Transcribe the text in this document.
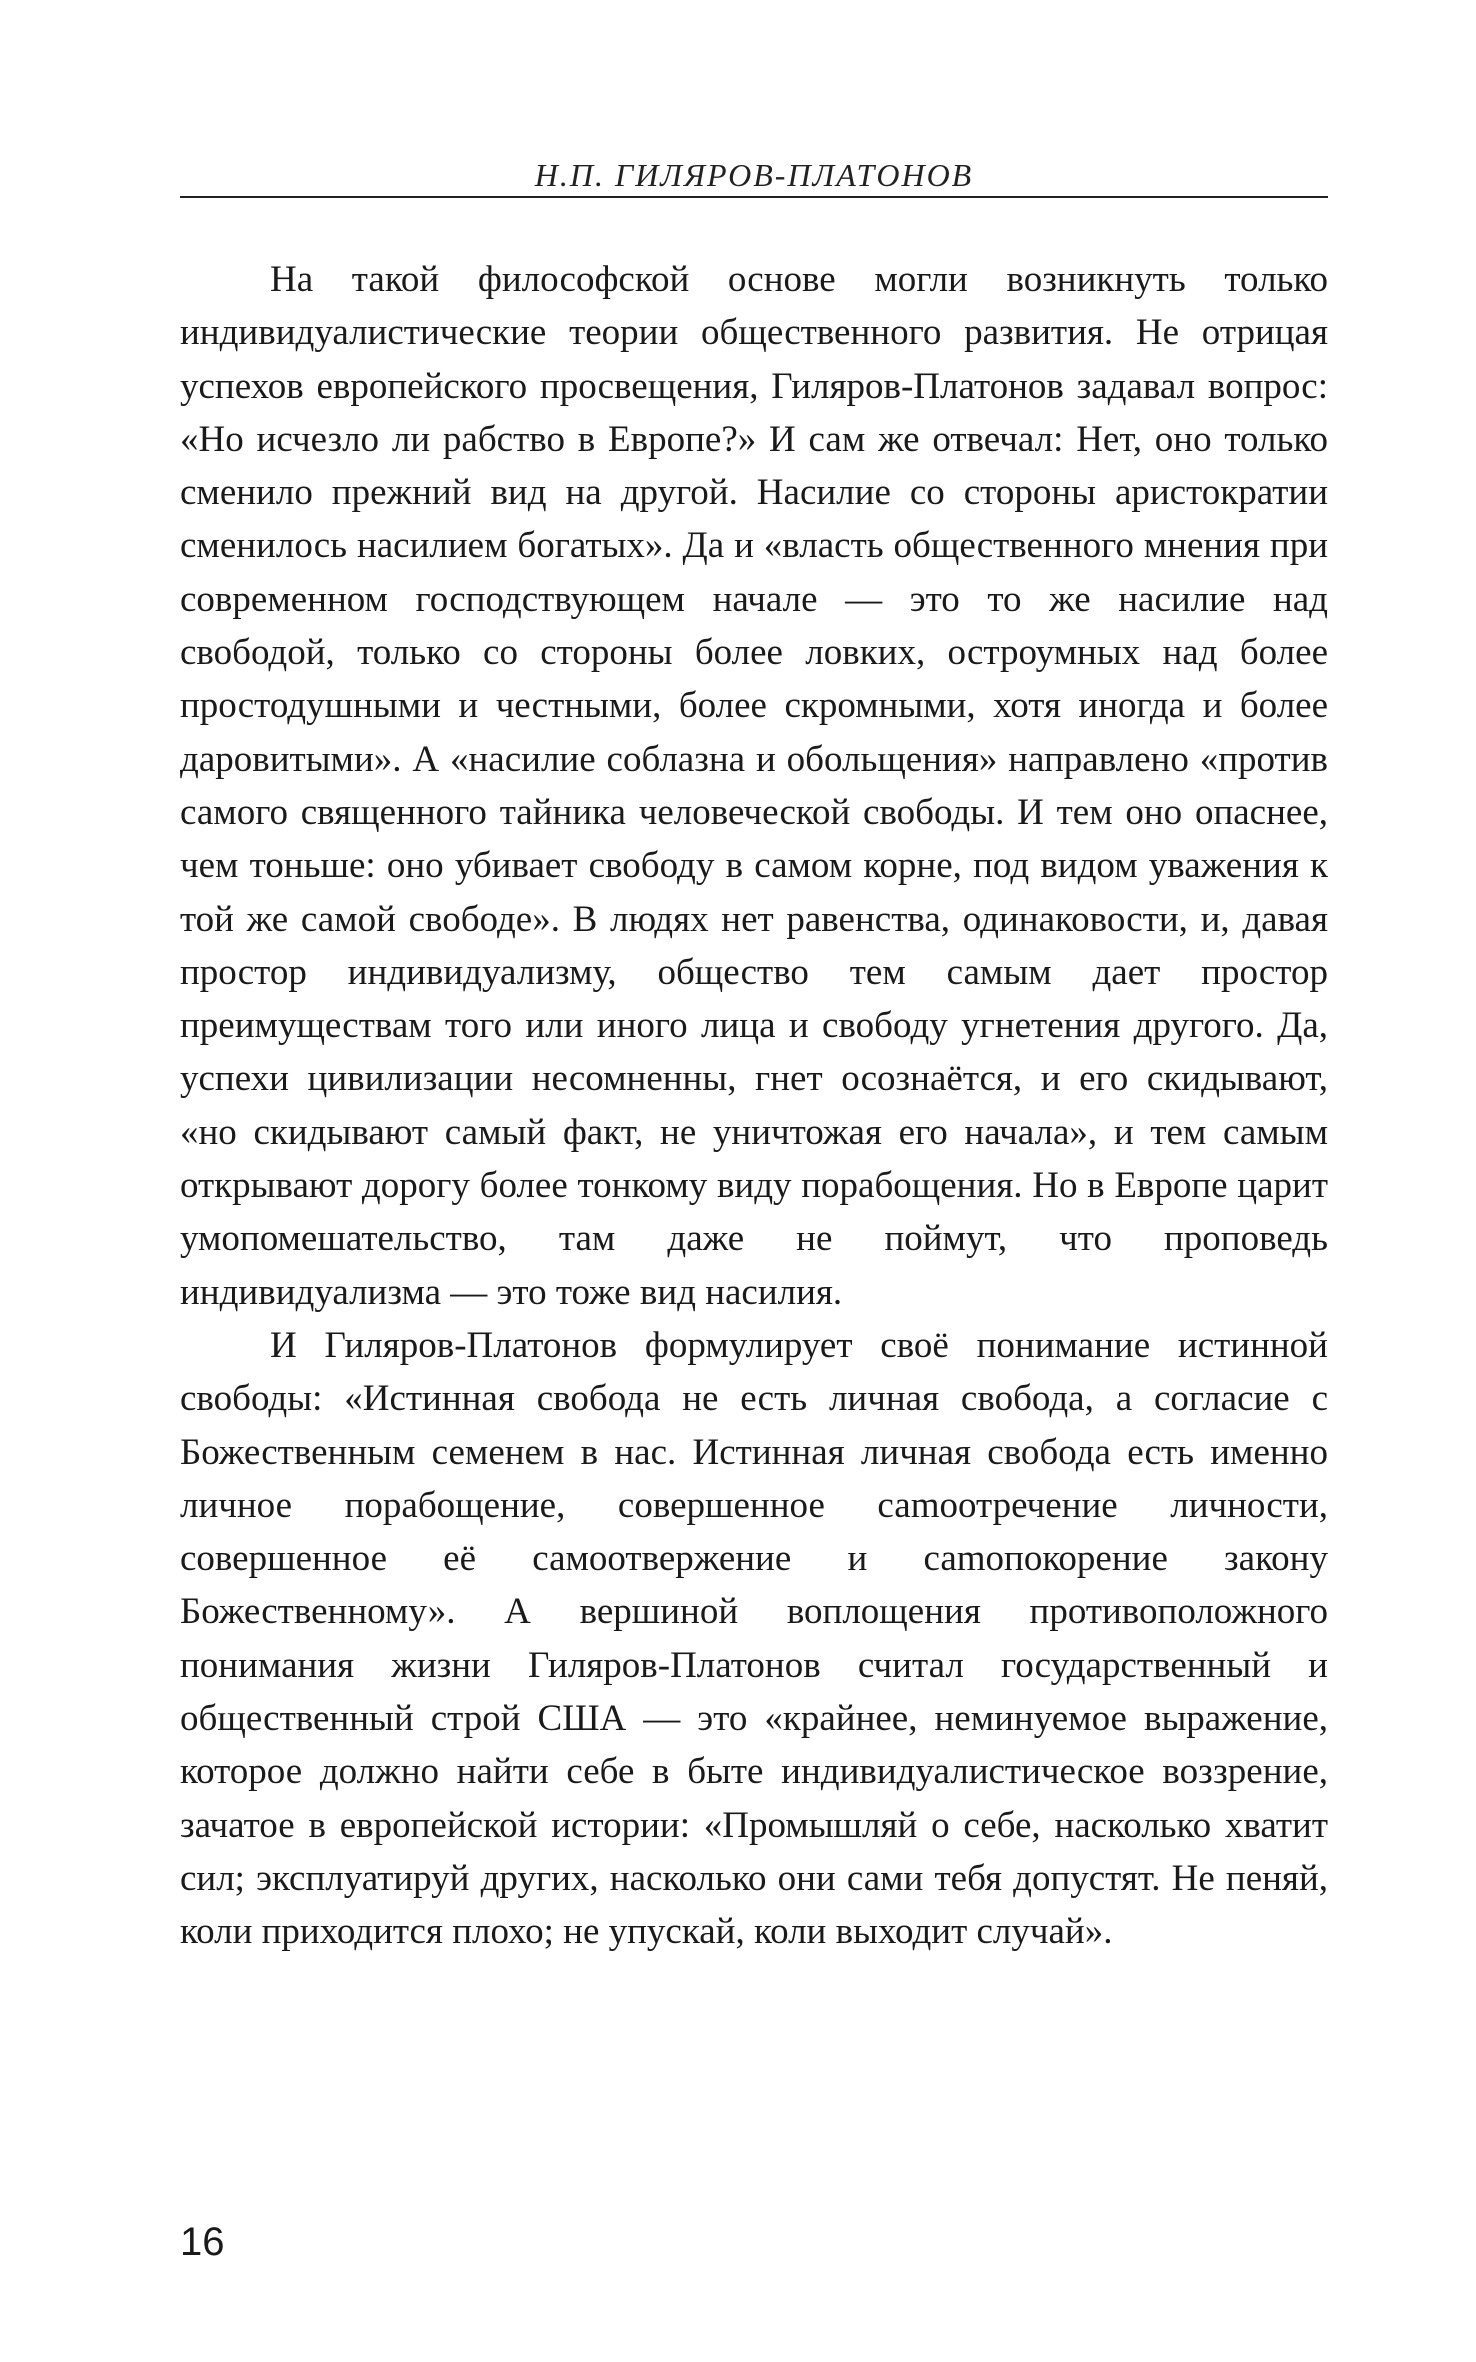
Н.П. ГИЛЯРОВ-ПЛАТОНОВ

На такой философской основе могли возникнуть только индивидуалистические теории общественного развития. Не отрицая успехов европейского просвещения, Гиляров-Платонов задавал вопрос: «Но исчезло ли рабство в Европе?» И сам же отвечал: Нет, оно только сменило прежний вид на другой. Насилие со стороны аристократии сменилось насилием богатых». Да и «власть общественного мнения при современном господствующем начале — это то же насилие над свободой, только со стороны более ловких, остроумных над более простодушными и честными, более скромными, хотя иногда и более даровитыми». А «насилие соблазна и обольщения» направлено «против самого священного тайника человеческой свободы. И тем оно опаснее, чем тоньше: оно убивает свободу в самом корне, под видом уважения к той же самой свободе». В людях нет равенства, одинаковости, и, давая простор индивидуализму, общество тем самым дает простор преимуществам того или иного лица и свободу угнетения другого. Да, успехи цивилизации несомненны, гнет осознаётся, и его скидывают, «но скидывают самый факт, не уничтожая его начала», и тем самым открывают дорогу более тонкому виду порабощения. Но в Европе царит умопомешательство, там даже не поймут, что проповедь индивидуализма — это тоже вид насилия.

И Гиляров-Платонов формулирует своё понимание истинной свободы: «Истинная свобода не есть личная свобода, а согласие с Божественным семенем в нас. Истинная личная свобода есть именно личное порабощение, совершенное саmоотречение личности, совершенное её самоотвержение и саmопокорение закону Божественному». А вершиной воплощения противоположного понимания жизни Гиляров-Платонов считал государственный и общественный строй США — это «крайнее, неминуемое выражение, которое должно найти себе в быте индивидуалистическое воззрение, зачатое в европейской истории: «Промышляй о себе, насколько хватит сил; эксплуатируй других, насколько они сами тебя допустят. Не пеняй, коли приходится плохо; не упускай, коли выходит случай».

16
